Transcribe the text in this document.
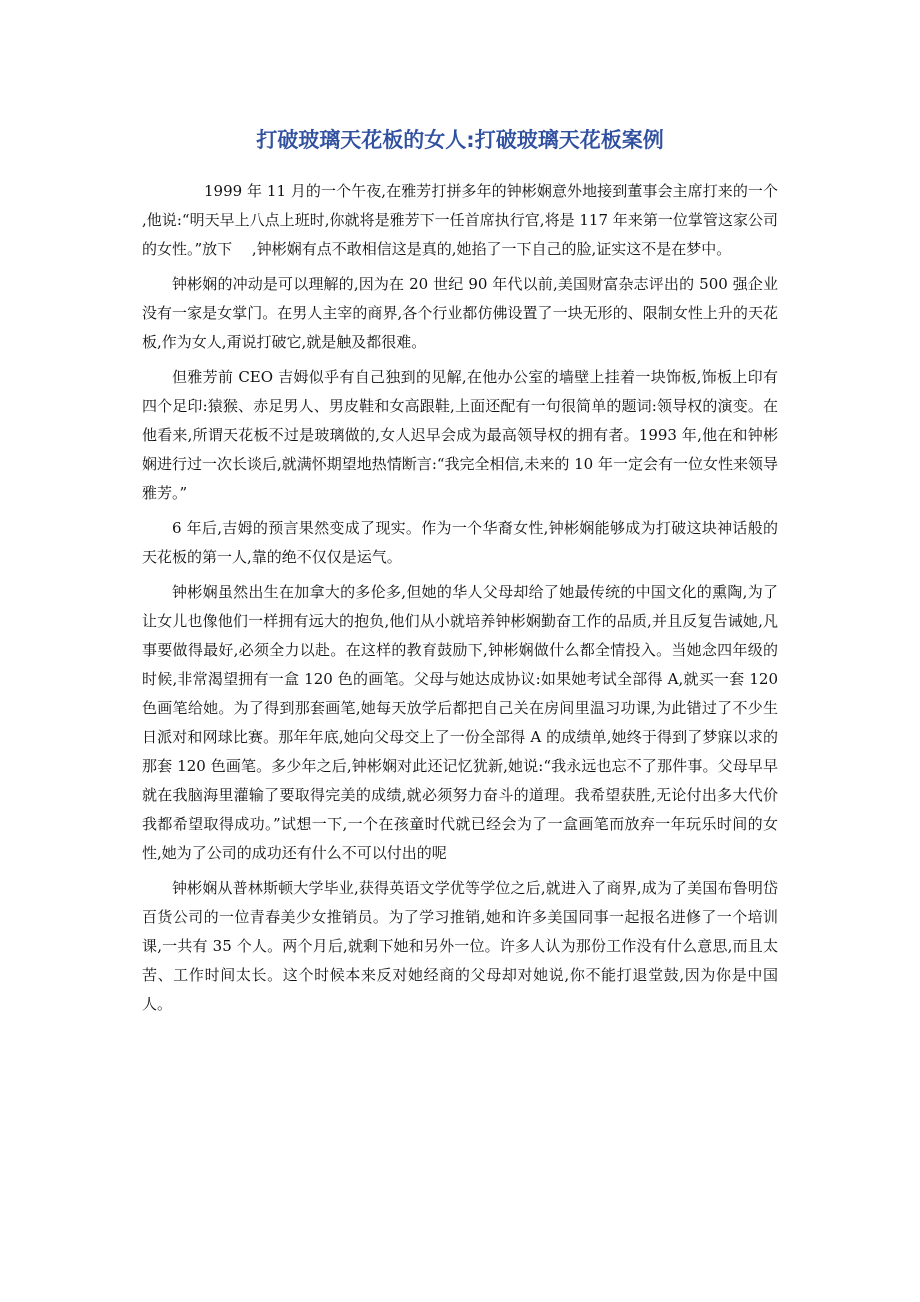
打破玻璃天花板的女人:打破玻璃天花板案例

1999 年 11 月的一个午夜,在雅芳打拼多年的钟彬娴意外地接到董事会主席打来的一个　 ,他说:“明天早上八点上班时,你就将是雅芳下一任首席执行官,将是 117 年来第一位掌管这家公司的女性。”放下　 ,钟彬娴有点不敢相信这是真的,她掐了一下自己的脸,证实这不是在梦中。

钟彬娴的冲动是可以理解的,因为在 20 世纪 90 年代以前,美国财富杂志评出的 500 强企业没有一家是女掌门。在男人主宰的商界,各个行业都仿佛设置了一块无形的、限制女性上升的天花板,作为女人,甭说打破它,就是触及都很难。

但雅芳前 CEO 吉姆似乎有自己独到的见解,在他办公室的墙壁上挂着一块饰板,饰板上印有四个足印:猿猴、赤足男人、男皮鞋和女高跟鞋,上面还配有一句很简单的题词:领导权的演变。在他看来,所谓天花板不过是玻璃做的,女人迟早会成为最高领导权的拥有者。1993 年,他在和钟彬娴进行过一次长谈后,就满怀期望地热情断言:“我完全相信,未来的 10 年一定会有一位女性来领导雅芳。”

6 年后,吉姆的预言果然变成了现实。作为一个华裔女性,钟彬娴能够成为打破这块神话般的天花板的第一人,靠的绝不仅仅是运气。

钟彬娴虽然出生在加拿大的多伦多,但她的华人父母却给了她最传统的中国文化的熏陶,为了让女儿也像他们一样拥有远大的抱负,他们从小就培养钟彬娴勤奋工作的品质,并且反复告诫她,凡事要做得最好,必须全力以赴。在这样的教育鼓励下,钟彬娴做什么都全情投入。当她念四年级的时候,非常渴望拥有一盒 120 色的画笔。父母与她达成协议:如果她考试全部得 A,就买一套 120 色画笔给她。为了得到那套画笔,她每天放学后都把自己关在房间里温习功课,为此错过了不少生日派对和网球比赛。那年年底,她向父母交上了一份全部得 A 的成绩单,她终于得到了梦寐以求的那套 120 色画笔。多少年之后,钟彬娴对此还记忆犹新,她说:“我永远也忘不了那件事。父母早早就在我脑海里灌输了要取得完美的成绩,就必须努力奋斗的道理。我希望获胜,无论付出多大代价我都希望取得成功。”试想一下,一个在孩童时代就已经会为了一盒画笔而放弃一年玩乐时间的女性,她为了公司的成功还有什么不可以付出的呢

钟彬娴从普林斯顿大学毕业,获得英语文学优等学位之后,就进入了商界,成为了美国布鲁明岱百货公司的一位青春美少女推销员。为了学习推销,她和许多美国同事一起报名进修了一个培训课,一共有 35 个人。两个月后,就剩下她和另外一位。许多人认为那份工作没有什么意思,而且太苦、工作时间太长。这个时候本来反对她经商的父母却对她说,你不能打退堂鼓,因为你是中国人。
